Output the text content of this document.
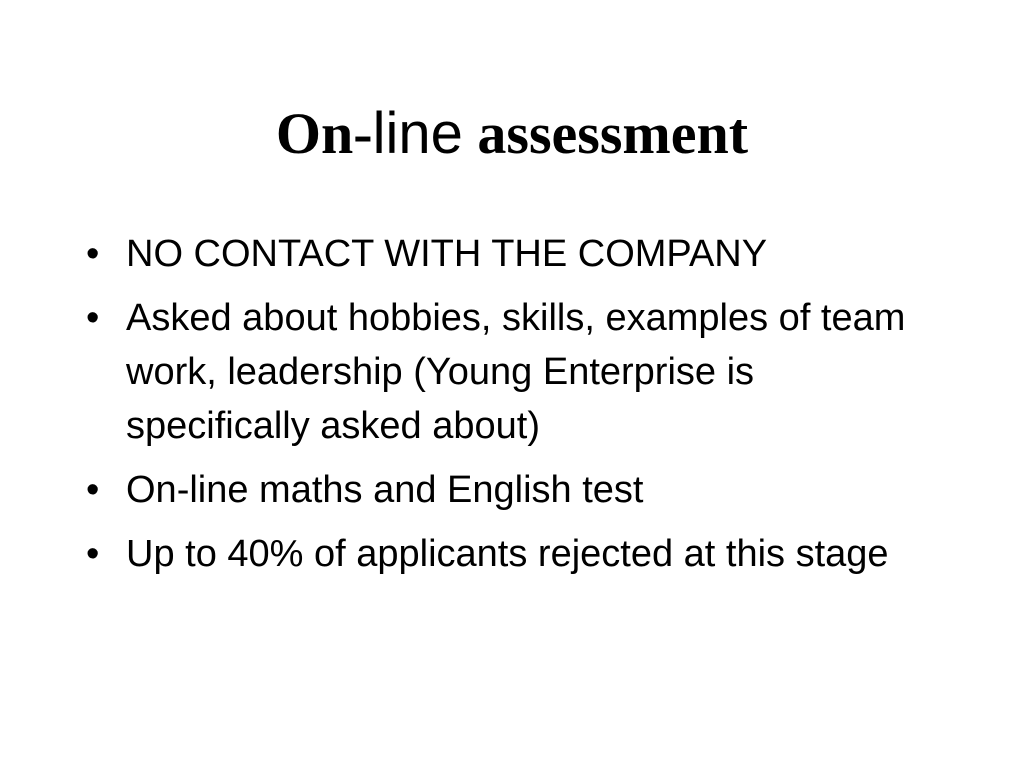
On-line assessment
• NO CONTACT WITH THE COMPANY
• Asked about hobbies, skills, examples of team work, leadership (Young Enterprise is specifically asked about)
• On-line maths and English test
• Up to 40% of applicants rejected at this stage
